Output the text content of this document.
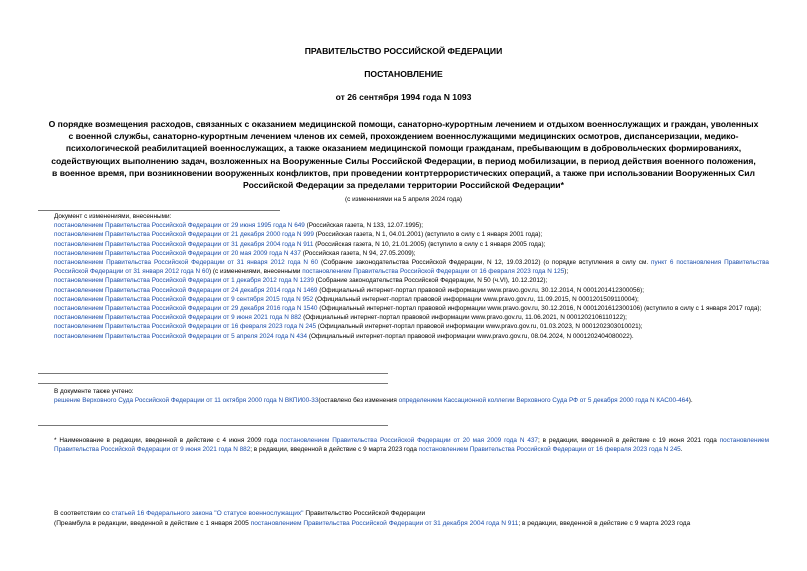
ПРАВИТЕЛЬСТВО РОССИЙСКОЙ ФЕДЕРАЦИИ
ПОСТАНОВЛЕНИЕ
от 26 сентября 1994 года N 1093
О порядке возмещения расходов, связанных с оказанием медицинской помощи, санаторно-курортным лечением и отдыхом военнослужащих и граждан, уволенных
с военной службы, санаторно-курортным лечением членов их семей, прохождением военнослужащими медицинских осмотров, диспансеризации, медико-
психологической реабилитацией военнослужащих, а также оказанием медицинской помощи гражданам, пребывающим в добровольческих формированиях,
содействующих выполнению задач, возложенных на Вооруженные Силы Российской Федерации, в период мобилизации, в период действия военного положения,
в военное время, при возникновении вооруженных конфликтов, при проведении контртеррористических операций, а также при использовании Вооруженных Сил
Российской Федерации за пределами территории Российской Федерации*
(с изменениями на 5 апреля 2024 года)
Документ с изменениями, внесенными:
постановлением Правительства Российской Федерации от 29 июня 1995 года N 649 (Российская газета, N 133, 12.07.1995);
постановлением Правительства Российской Федерации от 21 декабря 2000 года N 999 (Российская газета, N 1, 04.01.2001) (вступило в силу с 1 января 2001 года);
постановлением Правительства Российской Федерации от 31 декабря 2004 года N 911 (Российская газета, N 10, 21.01.2005) (вступило в силу с 1 января 2005 года);
постановлением Правительства Российской Федерации от 20 мая 2009 года N 437 (Российская газета, N 94, 27.05.2009);
постановлением Правительства Российской Федерации от 31 января 2012 года N 60 (Собрание законодательства Российской Федерации, N 12, 19.03.2012) (о порядке вступления в силу см. пункт 6 постановления Правительства Российской Федерации от 31 января 2012 года N 60) (с изменениями, внесенными постановлением Правительства Российской Федерации от 16 февраля 2023 года N 125);
постановлением Правительства Российской Федерации от 1 декабря 2012 года N 1239 (Собрание законодательства Российской Федерации, N 50 (ч.VI), 10.12.2012);
постановлением Правительства Российской Федерации от 24 декабря 2014 года N 1469 (Официальный интернет-портал правовой информации www.pravo.gov.ru, 30.12.2014, N 0001201412300056);
постановлением Правительства Российской Федерации от 9 сентября 2015 года N 952 (Официальный интернет-портал правовой информации www.pravo.gov.ru, 11.09.2015, N 0001201509110004);
постановлением Правительства Российской Федерации от 29 декабря 2016 года N 1540 (Официальный интернет-портал правовой информации www.pravo.gov.ru, 30.12.2016, N 0001201612300106) (вступило в силу с 1 января 2017 года);
постановлением Правительства Российской Федерации от 9 июня 2021 года N 882 (Официальный интернет-портал правовой информации www.pravo.gov.ru, 11.06.2021, N 0001202106110122);
постановлением Правительства Российской Федерации от 16 февраля 2023 года N 245 (Официальный интернет-портал правовой информации www.pravo.gov.ru, 01.03.2023, N 0001202303010021);
постановлением Правительства Российской Федерации от 5 апреля 2024 года N 434 (Официальный интернет-портал правовой информации www.pravo.gov.ru, 08.04.2024, N 0001202404080022).
В документе также учтено:
решение Верховного Суда Российской Федерации от 11 октября 2000 года N ВКПИ00-33(оставлено без изменения определением Кассационной коллегии Верховного Суда РФ от 5 декабря 2000 года N КАС00-464).
* Наименование в редакции, введенной в действие с 4 июня 2009 года постановлением Правительства Российской Федерации от 20 мая 2009 года N 437; в редакции, введенной в действие с 19 июня 2021 года постановлением Правительства Российской Федерации от 9 июня 2021 года N 882; в редакции, введенной в действие с 9 марта 2023 года постановлением Правительства Российской Федерации от 16 февраля 2023 года N 245.
В соответствии со статьей 16 Федерального закона "О статусе военнослужащих" Правительство Российской Федерации
(Преамбула в редакции, введенной в действие с 1 января 2005 постановлением Правительства Российской Федерации от 31 декабря 2004 года N 911; в редакции, введенной в действие с 9 марта 2023 года
